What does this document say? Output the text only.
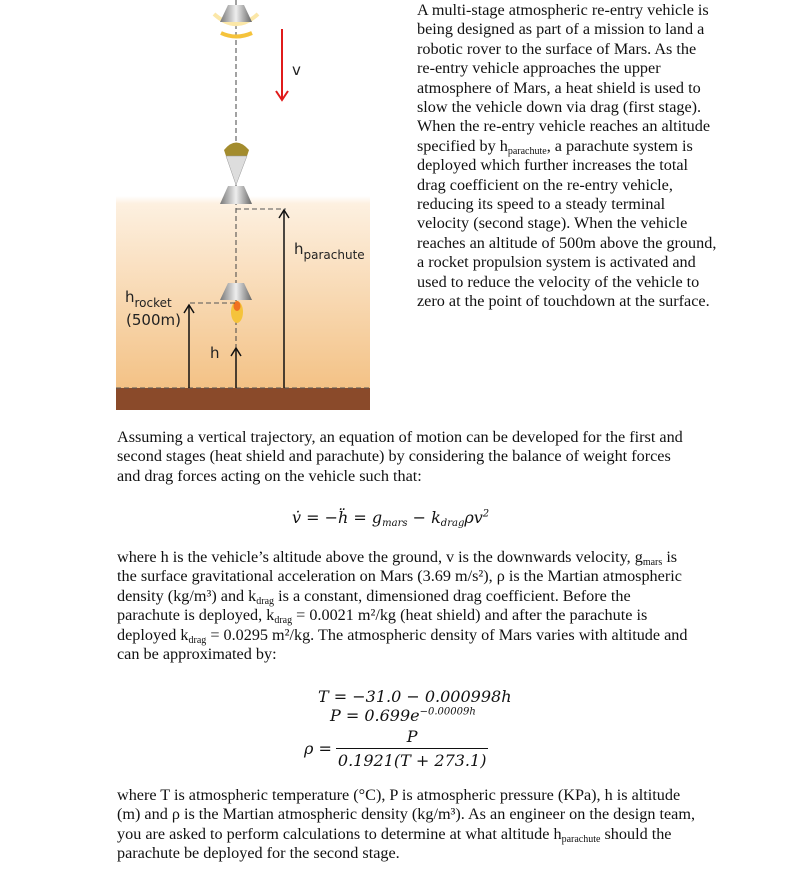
v
$h_{parachute}$
$h_{rocket}$
(500m)
h
A multi-stage atmospheric re-entry vehicle is being designed as part of a mission to land a robotic rover to the surface of Mars. As the re-entry vehicle approaches the upper atmosphere of Mars, a heat shield is used to slow the vehicle down via drag (first stage). When the re-entry vehicle reaches an altitude specified by $h_{parachute}$, a parachute system is deployed which further increases the total drag coefficient on the re-entry vehicle, reducing its speed to a steady terminal velocity (second stage). When the vehicle reaches an altitude of 500m above the ground, a rocket propulsion system is activated and used to reduce the velocity of the vehicle to zero at the point of touchdown at the surface.
Assuming a vertical trajectory, an equation of motion can be developed for the first and second stages (heat shield and parachute) by considering the balance of weight forces and drag forces acting on the vehicle such that:
v̇ = −ḧ = $g_{mars} - k_{drag}\rho v^2$
where h is the vehicle’s altitude above the ground, v is the downwards velocity, $g_{mars}$ is the surface gravitational acceleration on Mars (3.69 m/s²), ρ is the Martian atmospheric density (kg/m³) and $k_{drag}$ is a constant, dimensioned drag coefficient. Before the parachute is deployed, $k_{drag} = 0.0021$ m²/kg (heat shield) and after the parachute is deployed $k_{drag} = 0.0295$ m²/kg. The atmospheric density of Mars varies with altitude and can be approximated by:
T = −31.0 − 0.000998h
$P = 0.699e^{-0.00009h}$
$\rho = \frac{P}{0.1921(T + 273.1)}$
where T is atmospheric temperature (°C), P is atmospheric pressure (KPa), h is altitude (m) and ρ is the Martian atmospheric density (kg/m³). As an engineer on the design team, you are asked to perform calculations to determine at what altitude $h_{parachute}$ should the parachute be deployed for the second stage.
